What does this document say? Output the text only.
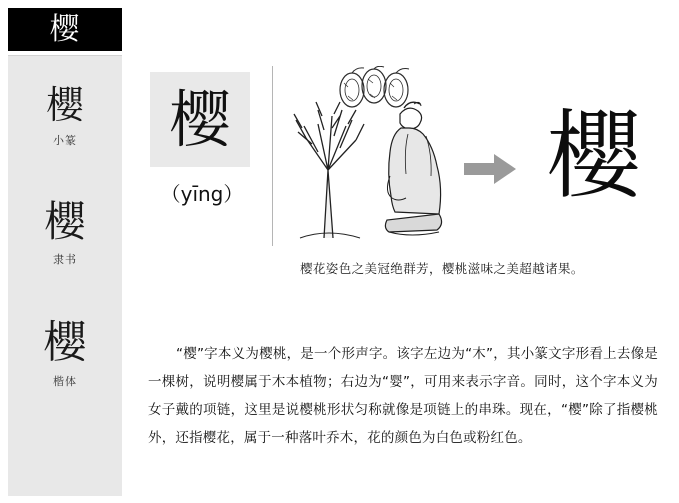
樱
櫻
小篆
櫻
隶书
櫻
楷体
樱
（yīng）	櫻
樱花姿色之美冠绝群芳，樱桃滋味之美超越诸果。
“樱”字本义为樱桃，是一个形声字。该字左边为“木”，其小篆文字形看上去像是一棵树，说明樱属于木本植物；右边为“婴”，可用来表示字音。同时，这个字本义为女子戴的项链，这里是说樱桃形状匀称就像是项链上的串珠。现在，“樱”除了指樱桃外，还指樱花，属于一种落叶乔木，花的颜色为白色或粉红色。
